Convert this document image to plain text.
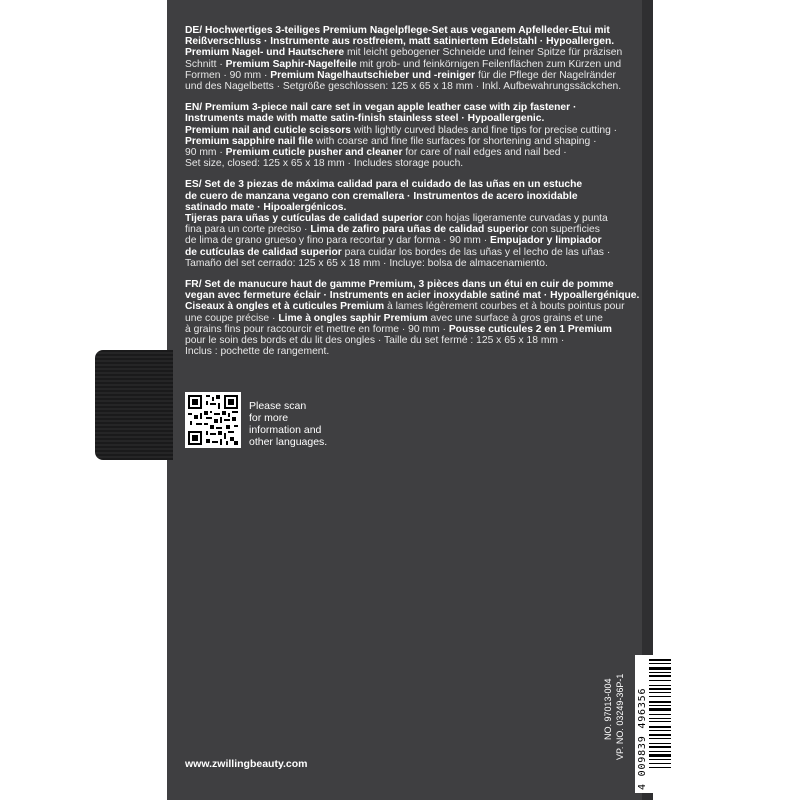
DE/ Hochwertiges 3-teiliges Premium Nagelpflege-Set aus veganem Apfelleder-Etui mit

Reißverschluss · Instrumente aus rostfreiem, matt satiniertem Edelstahl · Hypoallergen.

Premium Nagel- und Hautschere mit leicht gebogener Schneide und feiner Spitze für präzisen

Schnitt · Premium Saphir-Nagelfeile mit grob- und feinkörnigen Feilenflächen zum Kürzen und

Formen · 90 mm · Premium Nagelhautschieber und -reiniger für die Pflege der Nagelränder

und des Nagelbetts · Setgröße geschlossen: 125 x 65 x 18 mm · Inkl. Aufbewahrungssäckchen.

EN/ Premium 3-piece nail care set in vegan apple leather case with zip fastener ·

Instruments made with matte satin-finish stainless steel · Hypoallergenic.

Premium nail and cuticle scissors with lightly curved blades and fine tips for precise cutting ·

Premium sapphire nail file with coarse and fine file surfaces for shortening and shaping ·

90 mm · Premium cuticle pusher and cleaner for care of nail edges and nail bed ·

Set size, closed: 125 x 65 x 18 mm · Includes storage pouch.

ES/ Set de 3 piezas de máxima calidad para el cuidado de las uñas en un estuche

de cuero de manzana vegano con cremallera · Instrumentos de acero inoxidable

satinado mate · Hipoalergénicos.

Tijeras para uñas y cutículas de calidad superior con hojas ligeramente curvadas y punta

fina para un corte preciso · Lima de zafiro para uñas de calidad superior con superficies

de lima de grano grueso y fino para recortar y dar forma · 90 mm · Empujador y limpiador

de cutículas de calidad superior para cuidar los bordes de las uñas y el lecho de las uñas ·

Tamaño del set cerrado: 125 x 65 x 18 mm · Incluye: bolsa de almacenamiento.

FR/ Set de manucure haut de gamme Premium, 3 pièces dans un étui en cuir de pomme

vegan avec fermeture éclair · Instruments en acier inoxydable satiné mat · Hypoallergénique.

Ciseaux à ongles et à cuticules Premium à lames légèrement courbes et à bouts pointus pour

une coupe précise · Lime à ongles saphir Premium avec une surface à gros grains et une

à grains fins pour raccourcir et mettre en forme · 90 mm · Pousse cuticules 2 en 1 Premium

pour le soin des bords et du lit des ongles · Taille du set fermé : 125 x 65 x 18 mm ·

Inclus : pochette de rangement.

Please scan
for more
information and
other languages.
www.zwillingbeauty.com
NO. 97013-004 VP. NO. 03249-36P-1 4 009839 496356
